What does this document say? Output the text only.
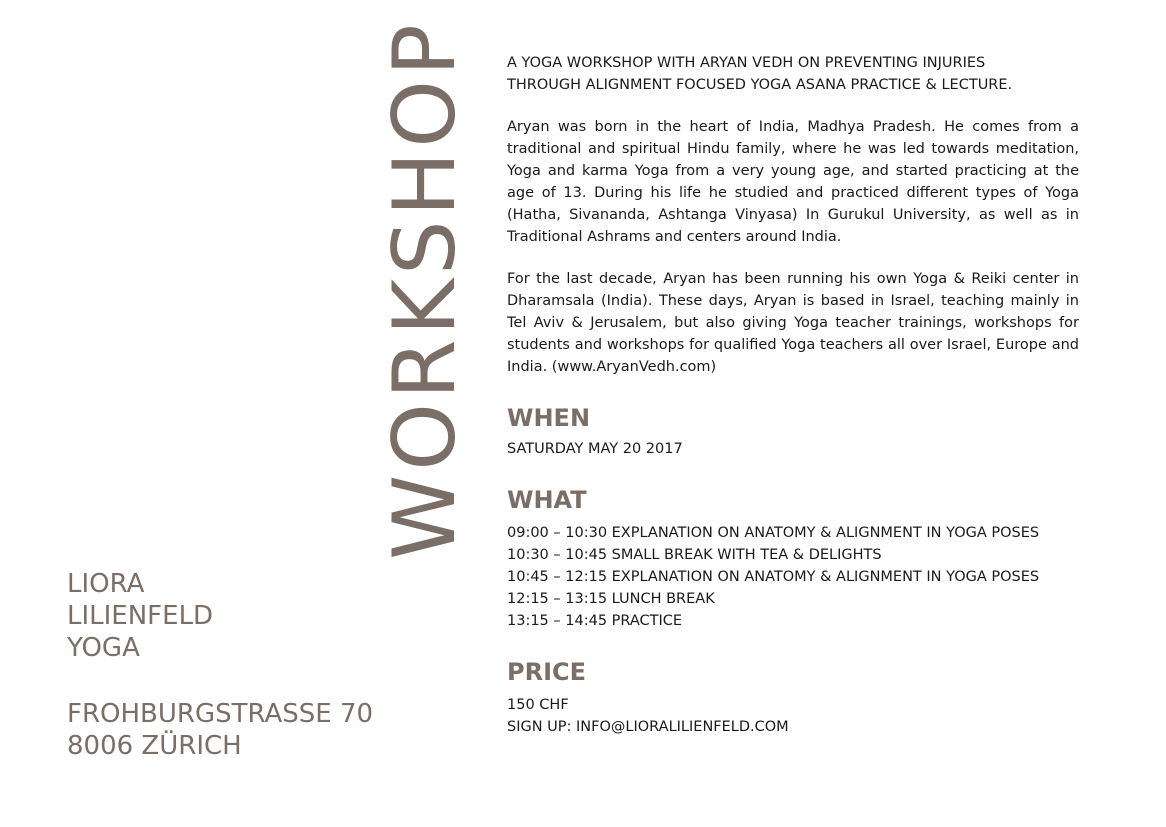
WORKSHOP
LIORA
LILIENFELD
YOGA
FROHBURGSTRASSE 70
8006 ZÜRICH

A YOGA WORKSHOP WITH ARYAN VEDH ON PREVENTING INJURIES
THROUGH ALIGNMENT FOCUSED YOGA ASANA PRACTICE & LECTURE.

Aryan was born in the heart of India, Madhya Pradesh. He comes from a traditional and spiritual Hindu family, where he was led towards meditation, Yoga and karma Yoga from a very young age, and started practicing at the age of 13. During his life he studied and practiced different types of Yoga (Hatha, Sivananda, Ashtanga Vinyasa) In Gurukul University, as well as in Traditional Ashrams and centers around India.

For the last decade, Aryan has been running his own Yoga & Reiki center in Dharamsala (India). These days, Aryan is based in Israel, teaching mainly in Tel Aviv & Jerusalem, but also giving Yoga teacher trainings, workshops for students and workshops for qualified Yoga teachers all over Israel, Europe and India. (www.AryanVedh.com)

WHEN

SATURDAY MAY 20 2017

WHAT

09:00 – 10:30 EXPLANATION ON ANATOMY & ALIGNMENT IN YOGA POSES

10:30 – 10:45 SMALL BREAK WITH TEA & DELIGHTS

10:45 – 12:15 EXPLANATION ON ANATOMY & ALIGNMENT IN YOGA POSES

12:15 – 13:15 LUNCH BREAK

13:15 – 14:45 PRACTICE

PRICE

150 CHF

SIGN UP: INFO@LIORALILIENFELD.COM
